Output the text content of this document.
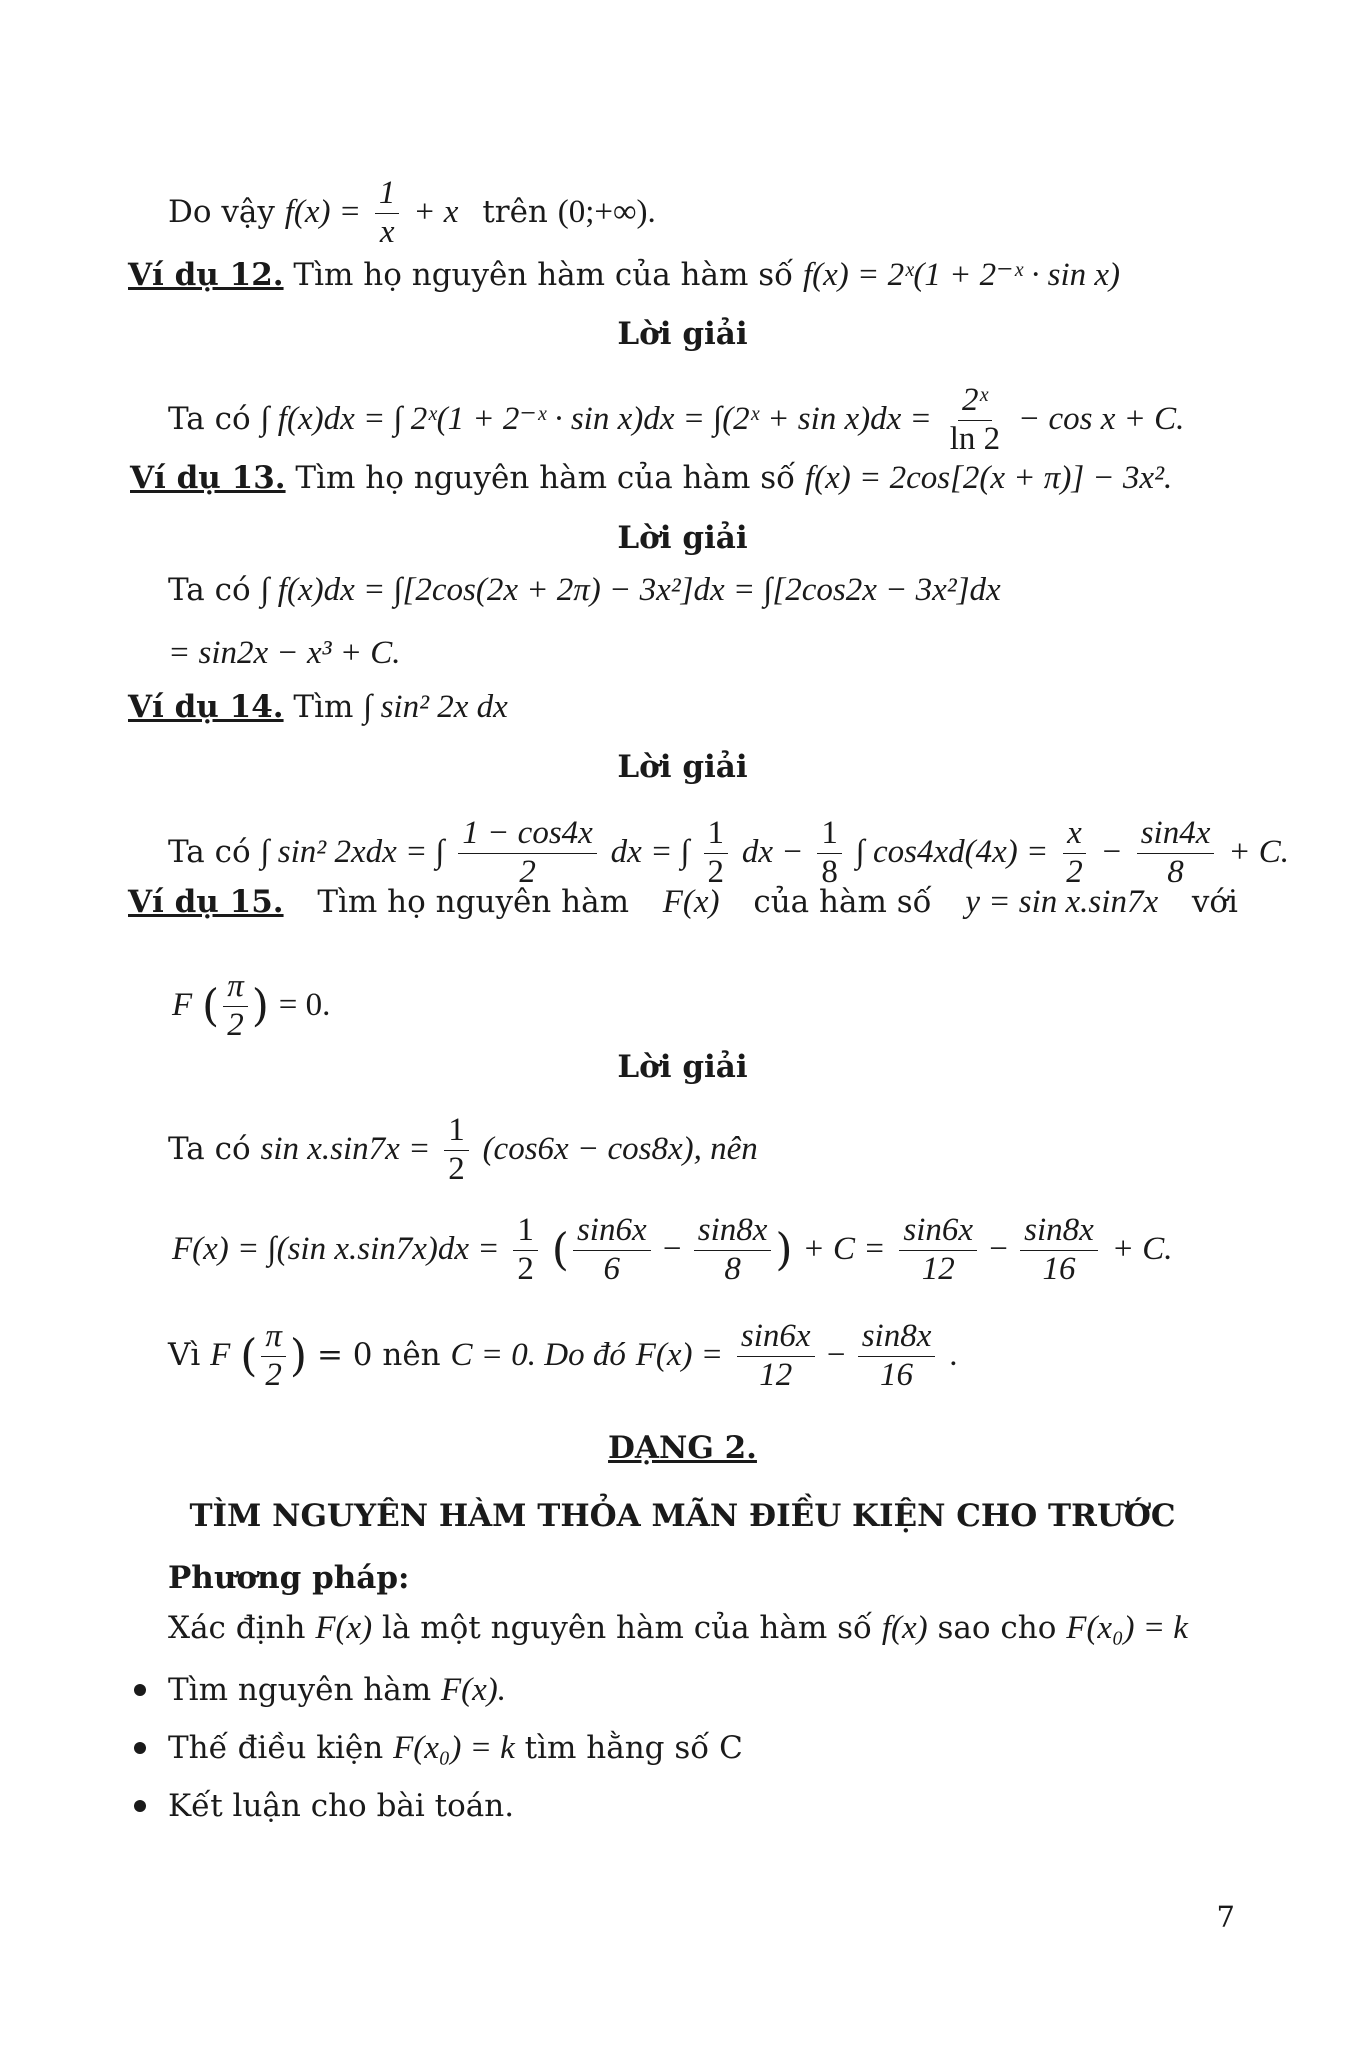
Do vậy $f(x) = \frac{1}{x} + x$ trên (0;+∞).
Ví dụ 12. Tìm họ nguyên hàm của hàm số f(x) = 2ˣ(1 + 2⁻ˣ · sin x)
Lời giải
Ta có ∫ f(x)dx = ∫ 2ˣ(1 + 2⁻ˣ · sin x)dx = ∫(2ˣ + $\sin x)dx = \frac{\text{2ˣ}}{\ln 2} - \cos x + C$.
Ví dụ 13. Tìm họ nguyên hàm của hàm số f(x) = 2cos[2(x + π)] − 3x².
Lời giải
Ta có ∫ f(x)dx = ∫[2cos(2x + 2π) − 3x²]dx = ∫[2cos2x − 3x²]dx
= sin2x − x³ + C.
Ví dụ 14. Tìm ∫ sin² 2x dx
Lời giải
Ta có ∫ sin² 2xdx = ∫ $\frac{1 - \cos 4x}{2}$ dx = ∫ $\frac{1}{2}$ dx − $\frac{1}{8}$ ∫ $\cos 4xd(4x) = \frac{x}{2} - \frac{\sin 4x}{8} + C$.
Ví dụ 15. Tìm họ nguyên hàm F(x) của hàm số y = sin x.sin7x với
F ( $\frac{\pi}{2}$ ) = 0.
Lời giải
Ta có $\sin x.\sin 7x = \frac{1}{2} (\cos 6x - \cos 8x)$, nên
F(x) = ∫(sin $x.\sin 7x)dx = \frac{1}{2}$ ( $\frac{\sin 6x}{6} - \frac{\sin 8x}{8}$ ) + $C = \frac{\sin 6x}{12} - \frac{\sin 8x}{16} + C$.
Vì F ( $\frac{\pi}{2}$ ) = 0 nên C = 0. Do đó $F(x) = \frac{\sin 6x}{12} - \frac{\sin 8x}{16}$ .
DẠNG 2.
TÌM NGUYÊN HÀM THỎA MÃN ĐIỀU KIỆN CHO TRƯỚC
Phương pháp:
Xác định F(x) là một nguyên hàm của hàm số f(x) sao cho F(x₀) = k
Tìm nguyên hàm F(x).
Thế điều kiện F(x₀) = k tìm hằng số C
Kết luận cho bài toán.
7
